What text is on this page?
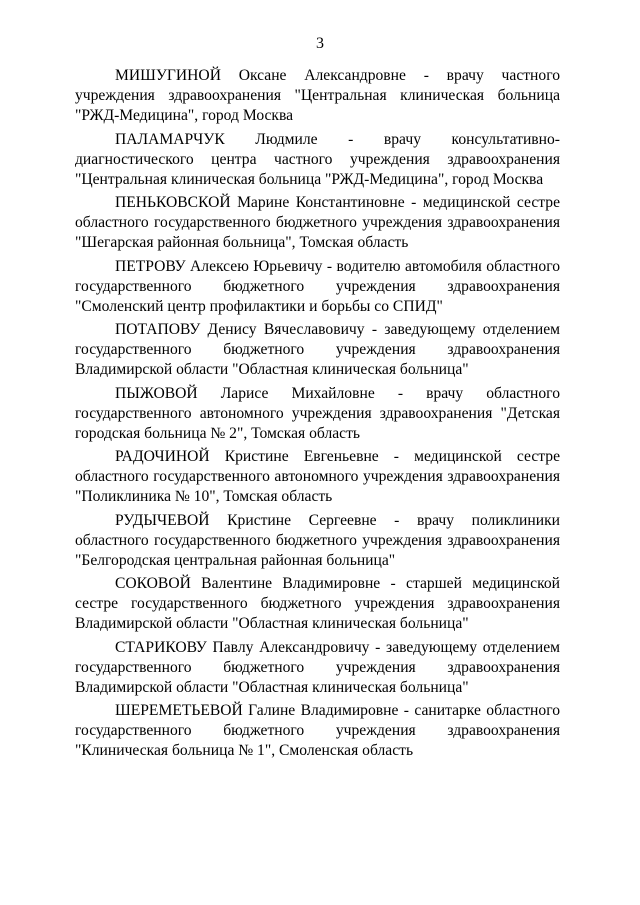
3

МИШУГИНОЙ Оксане Александровне - врачу частного учреждения здравоохранения "Центральная клиническая больница "РЖД-Медицина", город Москва

ПАЛАМАРЧУК Людмиле - врачу консультативно-диагностического центра частного учреждения здравоохранения "Центральная клиническая больница "РЖД-Медицина", город Москва

ПЕНЬКОВСКОЙ Марине Константиновне - медицинской сестре областного государственного бюджетного учреждения здравоохранения "Шегарская районная больница", Томская область

ПЕТРОВУ Алексею Юрьевичу - водителю автомобиля областного государственного бюджетного учреждения здравоохранения "Смоленский центр профилактики и борьбы со СПИД"

ПОТАПОВУ Денису Вячеславовичу - заведующему отделением государственного бюджетного учреждения здравоохранения Владимирской области "Областная клиническая больница"

ПЫЖОВОЙ Ларисе Михайловне - врачу областного государственного автономного учреждения здравоохранения "Детская городская больница № 2", Томская область

РАДОЧИНОЙ Кристине Евгеньевне - медицинской сестре областного государственного автономного учреждения здравоохранения "Поликлиника № 10", Томская область

РУДЫЧЕВОЙ Кристине Сергеевне - врачу поликлиники областного государственного бюджетного учреждения здравоохранения "Белгородская центральная районная больница"

СОКОВОЙ Валентине Владимировне - старшей медицинской сестре государственного бюджетного учреждения здравоохранения Владимирской области "Областная клиническая больница"

СТАРИКОВУ Павлу Александровичу - заведующему отделением государственного бюджетного учреждения здравоохранения Владимирской области "Областная клиническая больница"

ШЕРЕМЕТЬЕВОЙ Галине Владимировне - санитарке областного государственного бюджетного учреждения здравоохранения "Клиническая больница № 1", Смоленская область
